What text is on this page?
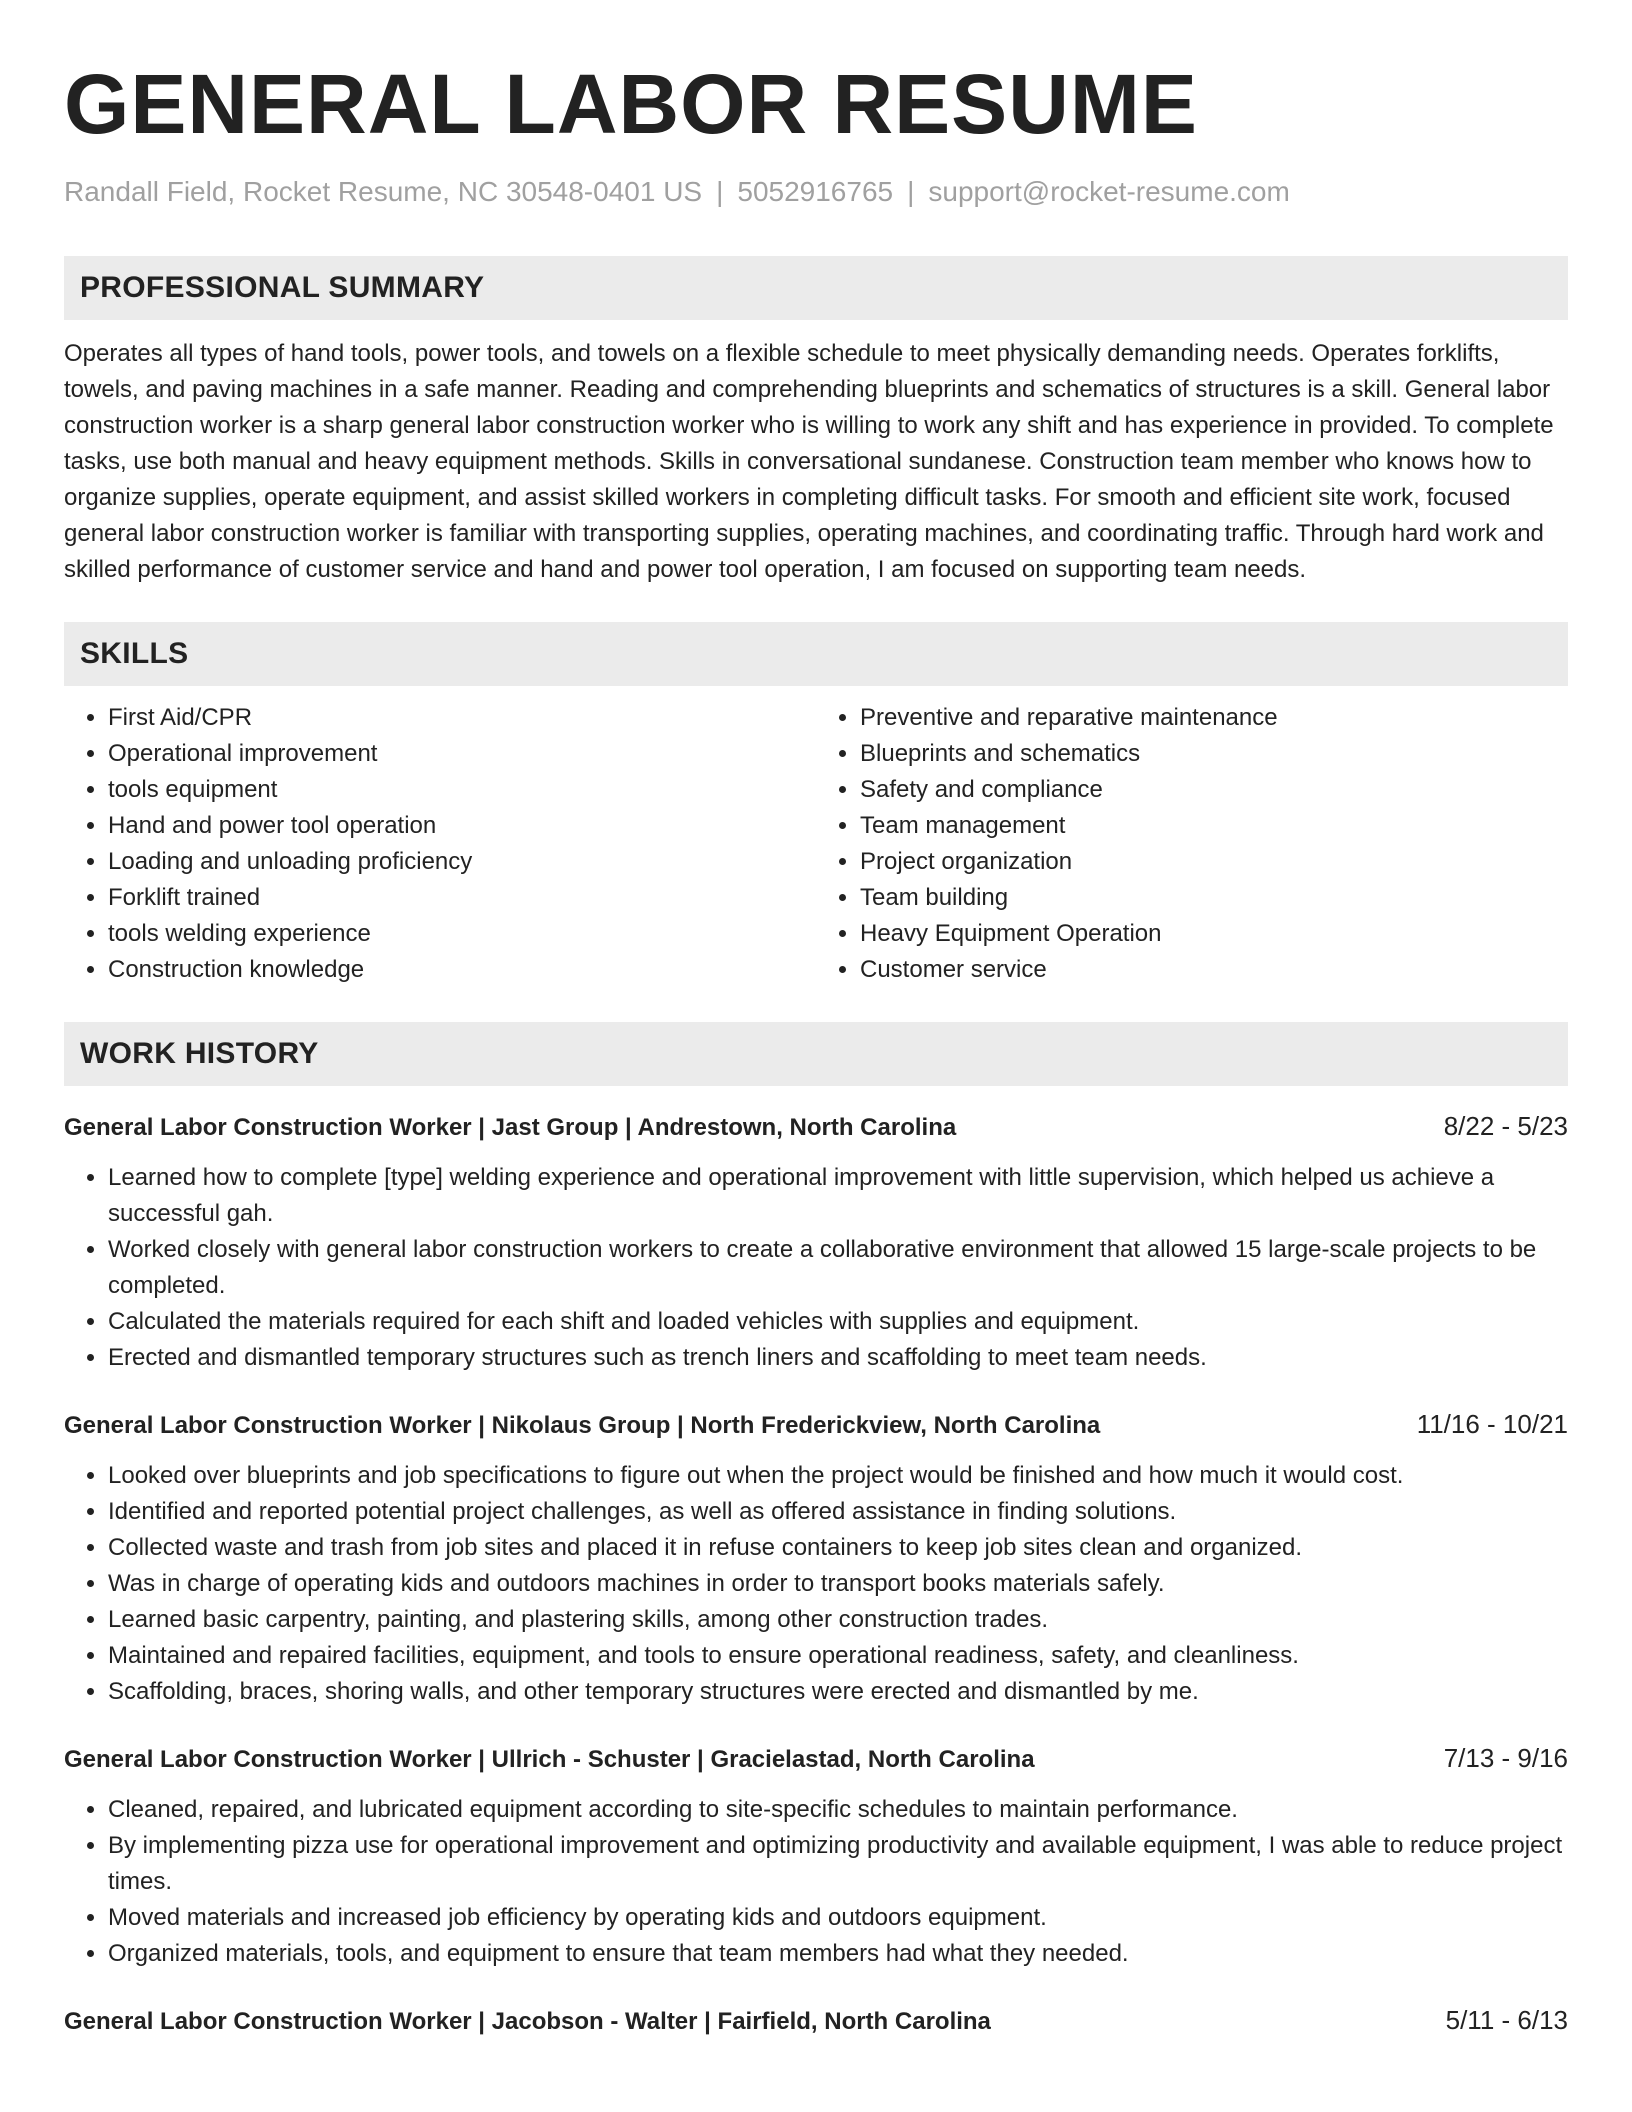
GENERAL LABOR RESUME
Randall Field, Rocket Resume, NC 30548-0401 US | 5052916765 | support@rocket-resume.com
PROFESSIONAL SUMMARY

Operates all types of hand tools, power tools, and towels on a flexible schedule to meet physically demanding needs. Operates forklifts, towels, and paving machines in a safe manner. Reading and comprehending blueprints and schematics of structures is a skill. General labor construction worker is a sharp general labor construction worker who is willing to work any shift and has experience in provided. To complete tasks, use both manual and heavy equipment methods. Skills in conversational sundanese. Construction team member who knows how to organize supplies, operate equipment, and assist skilled workers in completing difficult tasks. For smooth and efficient site work, focused general labor construction worker is familiar with transporting supplies, operating machines, and coordinating traffic. Through hard work and skilled performance of customer service and hand and power tool operation, I am focused on supporting team needs.

SKILLS
• First Aid/CPR
• Operational improvement
• tools equipment
• Hand and power tool operation
• Loading and unloading proficiency
• Forklift trained
• tools welding experience
• Construction knowledge
• Preventive and reparative maintenance
• Blueprints and schematics
• Safety and compliance
• Team management
• Project organization
• Team building
• Heavy Equipment Operation
• Customer service
WORK HISTORY
General Labor Construction Worker | Jast Group | Andrestown, North Carolina	8/22 - 5/23
• Learned how to complete [type] welding experience and operational improvement with little supervision, which helped us achieve a successful gah.
• Worked closely with general labor construction workers to create a collaborative environment that allowed 15 large-scale projects to be completed.
• Calculated the materials required for each shift and loaded vehicles with supplies and equipment.
• Erected and dismantled temporary structures such as trench liners and scaffolding to meet team needs.
General Labor Construction Worker | Nikolaus Group | North Frederickview, North Carolina	11/16 - 10/21
• Looked over blueprints and job specifications to figure out when the project would be finished and how much it would cost.
• Identified and reported potential project challenges, as well as offered assistance in finding solutions.
• Collected waste and trash from job sites and placed it in refuse containers to keep job sites clean and organized.
• Was in charge of operating kids and outdoors machines in order to transport books materials safely.
• Learned basic carpentry, painting, and plastering skills, among other construction trades.
• Maintained and repaired facilities, equipment, and tools to ensure operational readiness, safety, and cleanliness.
• Scaffolding, braces, shoring walls, and other temporary structures were erected and dismantled by me.
General Labor Construction Worker | Ullrich - Schuster | Gracielastad, North Carolina	7/13 - 9/16
• Cleaned, repaired, and lubricated equipment according to site-specific schedules to maintain performance.
• By implementing pizza use for operational improvement and optimizing productivity and available equipment, I was able to reduce project times.
• Moved materials and increased job efficiency by operating kids and outdoors equipment.
• Organized materials, tools, and equipment to ensure that team members had what they needed.
General Labor Construction Worker | Jacobson - Walter | Fairfield, North Carolina	5/11 - 6/13
